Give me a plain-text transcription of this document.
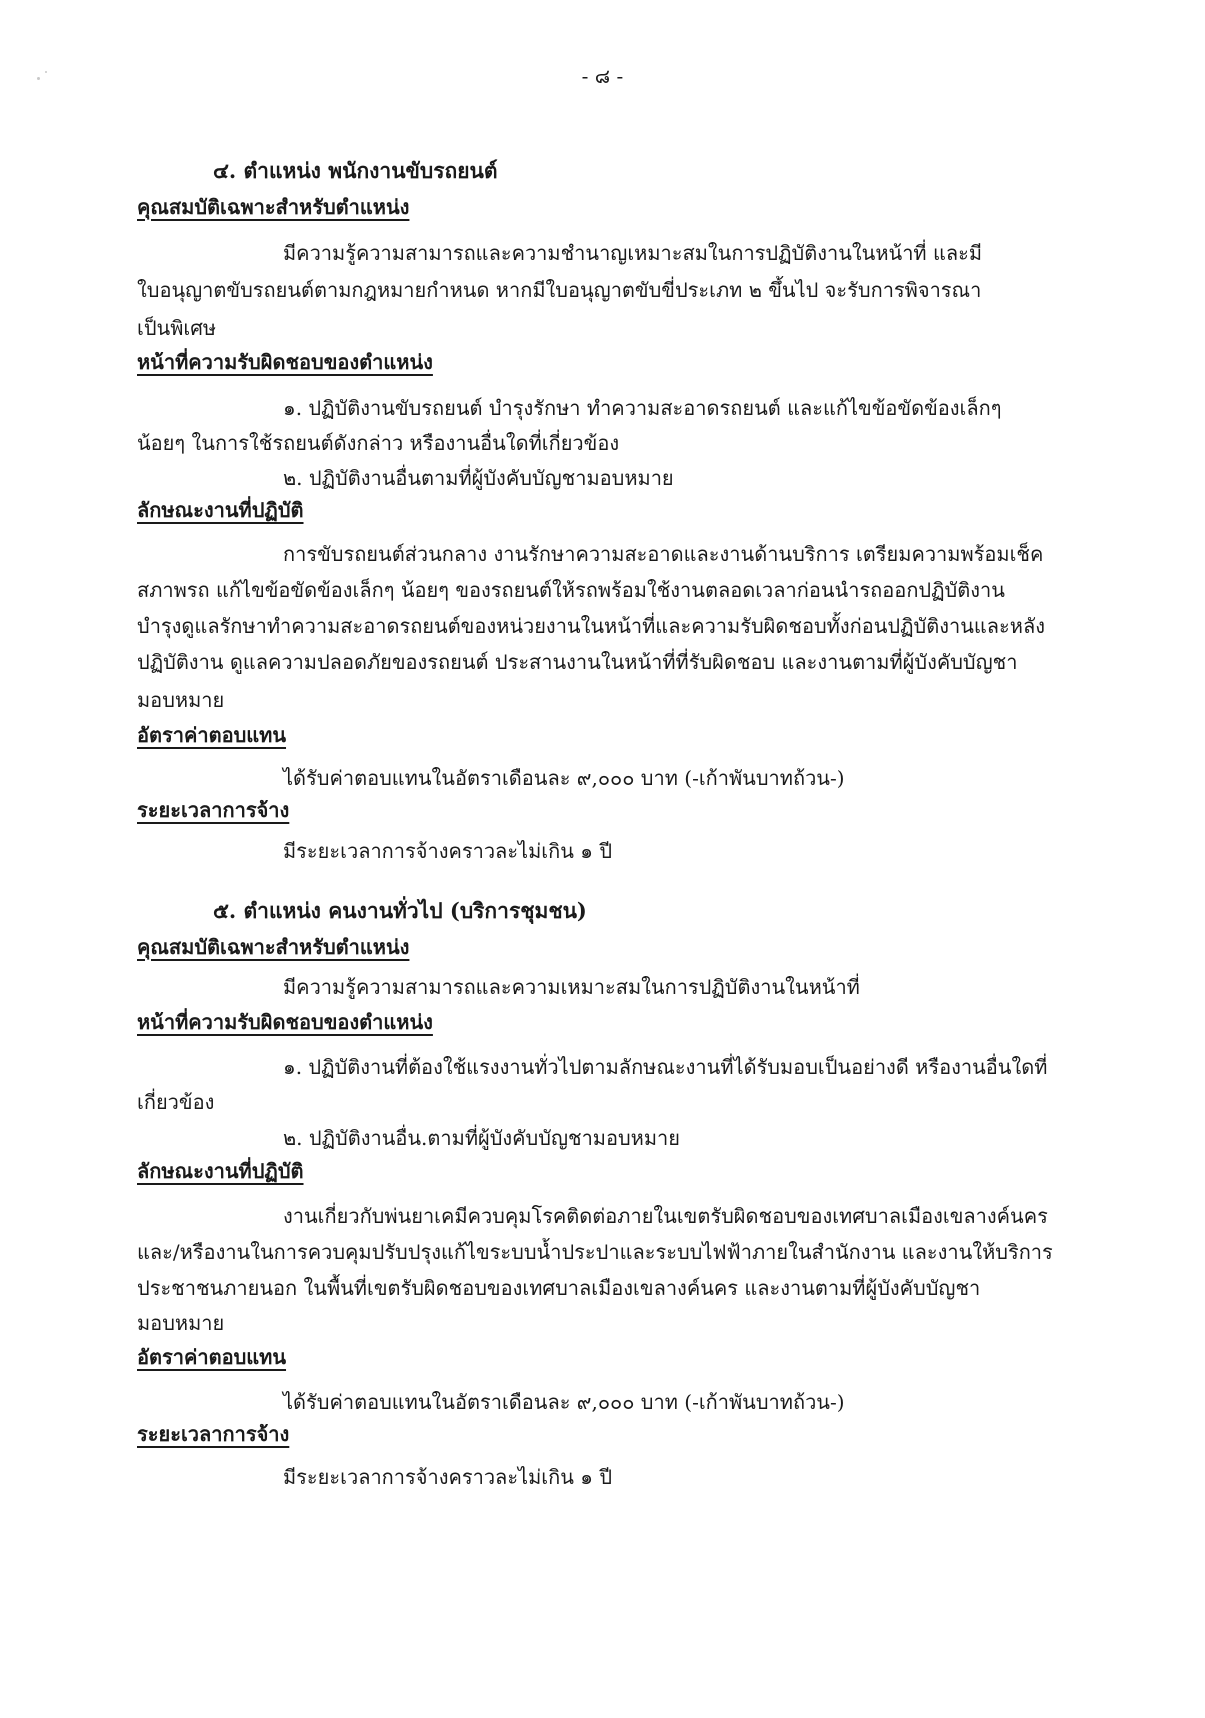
- ๘ -
๔. ตำแหน่ง พนักงานขับรถยนต์
คุณสมบัติเฉพาะสำหรับตำแหน่ง
มีความรู้ความสามารถและความชำนาญเหมาะสมในการปฏิบัติงานในหน้าที่ และมี
ใบอนุญาตขับรถยนต์ตามกฎหมายกำหนด หากมีใบอนุญาตขับขี่ประเภท ๒ ขึ้นไป จะรับการพิจารณา
เป็นพิเศษ
หน้าที่ความรับผิดชอบของตำแหน่ง
๑. ปฏิบัติงานขับรถยนต์ บำรุงรักษา ทำความสะอาดรถยนต์ และแก้ไขข้อขัดข้องเล็กๆ
น้อยๆ ในการใช้รถยนต์ดังกล่าว หรืองานอื่นใดที่เกี่ยวข้อง
๒. ปฏิบัติงานอื่นตามที่ผู้บังคับบัญชามอบหมาย
ลักษณะงานที่ปฏิบัติ
การขับรถยนต์ส่วนกลาง งานรักษาความสะอาดและงานด้านบริการ เตรียมความพร้อมเช็ค
สภาพรถ แก้ไขข้อขัดข้องเล็กๆ น้อยๆ ของรถยนต์ให้รถพร้อมใช้งานตลอดเวลาก่อนนำรถออกปฏิบัติงาน
บำรุงดูแลรักษาทำความสะอาดรถยนต์ของหน่วยงานในหน้าที่และความรับผิดชอบทั้งก่อนปฏิบัติงานและหลัง
ปฏิบัติงาน ดูแลความปลอดภัยของรถยนต์ ประสานงานในหน้าที่ที่รับผิดชอบ และงานตามที่ผู้บังคับบัญชา
มอบหมาย
อัตราค่าตอบแทน
ได้รับค่าตอบแทนในอัตราเดือนละ ๙,๐๐๐ บาท (-เก้าพันบาทถ้วน-)
ระยะเวลาการจ้าง
มีระยะเวลาการจ้างคราวละไม่เกิน ๑ ปี
๕. ตำแหน่ง คนงานทั่วไป (บริการชุมชน)
คุณสมบัติเฉพาะสำหรับตำแหน่ง
มีความรู้ความสามารถและความเหมาะสมในการปฏิบัติงานในหน้าที่
หน้าที่ความรับผิดชอบของตำแหน่ง
๑. ปฏิบัติงานที่ต้องใช้แรงงานทั่วไปตามลักษณะงานที่ได้รับมอบเป็นอย่างดี หรืองานอื่นใดที่
เกี่ยวข้อง
๒. ปฏิบัติงานอื่น.ตามที่ผู้บังคับบัญชามอบหมาย
ลักษณะงานที่ปฏิบัติ
งานเกี่ยวกับพ่นยาเคมีควบคุมโรคติดต่อภายในเขตรับผิดชอบของเทศบาลเมืองเขลางค์นคร
และ/หรืองานในการควบคุมปรับปรุงแก้ไขระบบน้ำประปาและระบบไฟฟ้าภายในสำนักงาน และงานให้บริการ
ประชาชนภายนอก ในพื้นที่เขตรับผิดชอบของเทศบาลเมืองเขลางค์นคร และงานตามที่ผู้บังคับบัญชา
มอบหมาย
อัตราค่าตอบแทน
ได้รับค่าตอบแทนในอัตราเดือนละ ๙,๐๐๐ บาท (-เก้าพันบาทถ้วน-)
ระยะเวลาการจ้าง
มีระยะเวลาการจ้างคราวละไม่เกิน ๑ ปี
